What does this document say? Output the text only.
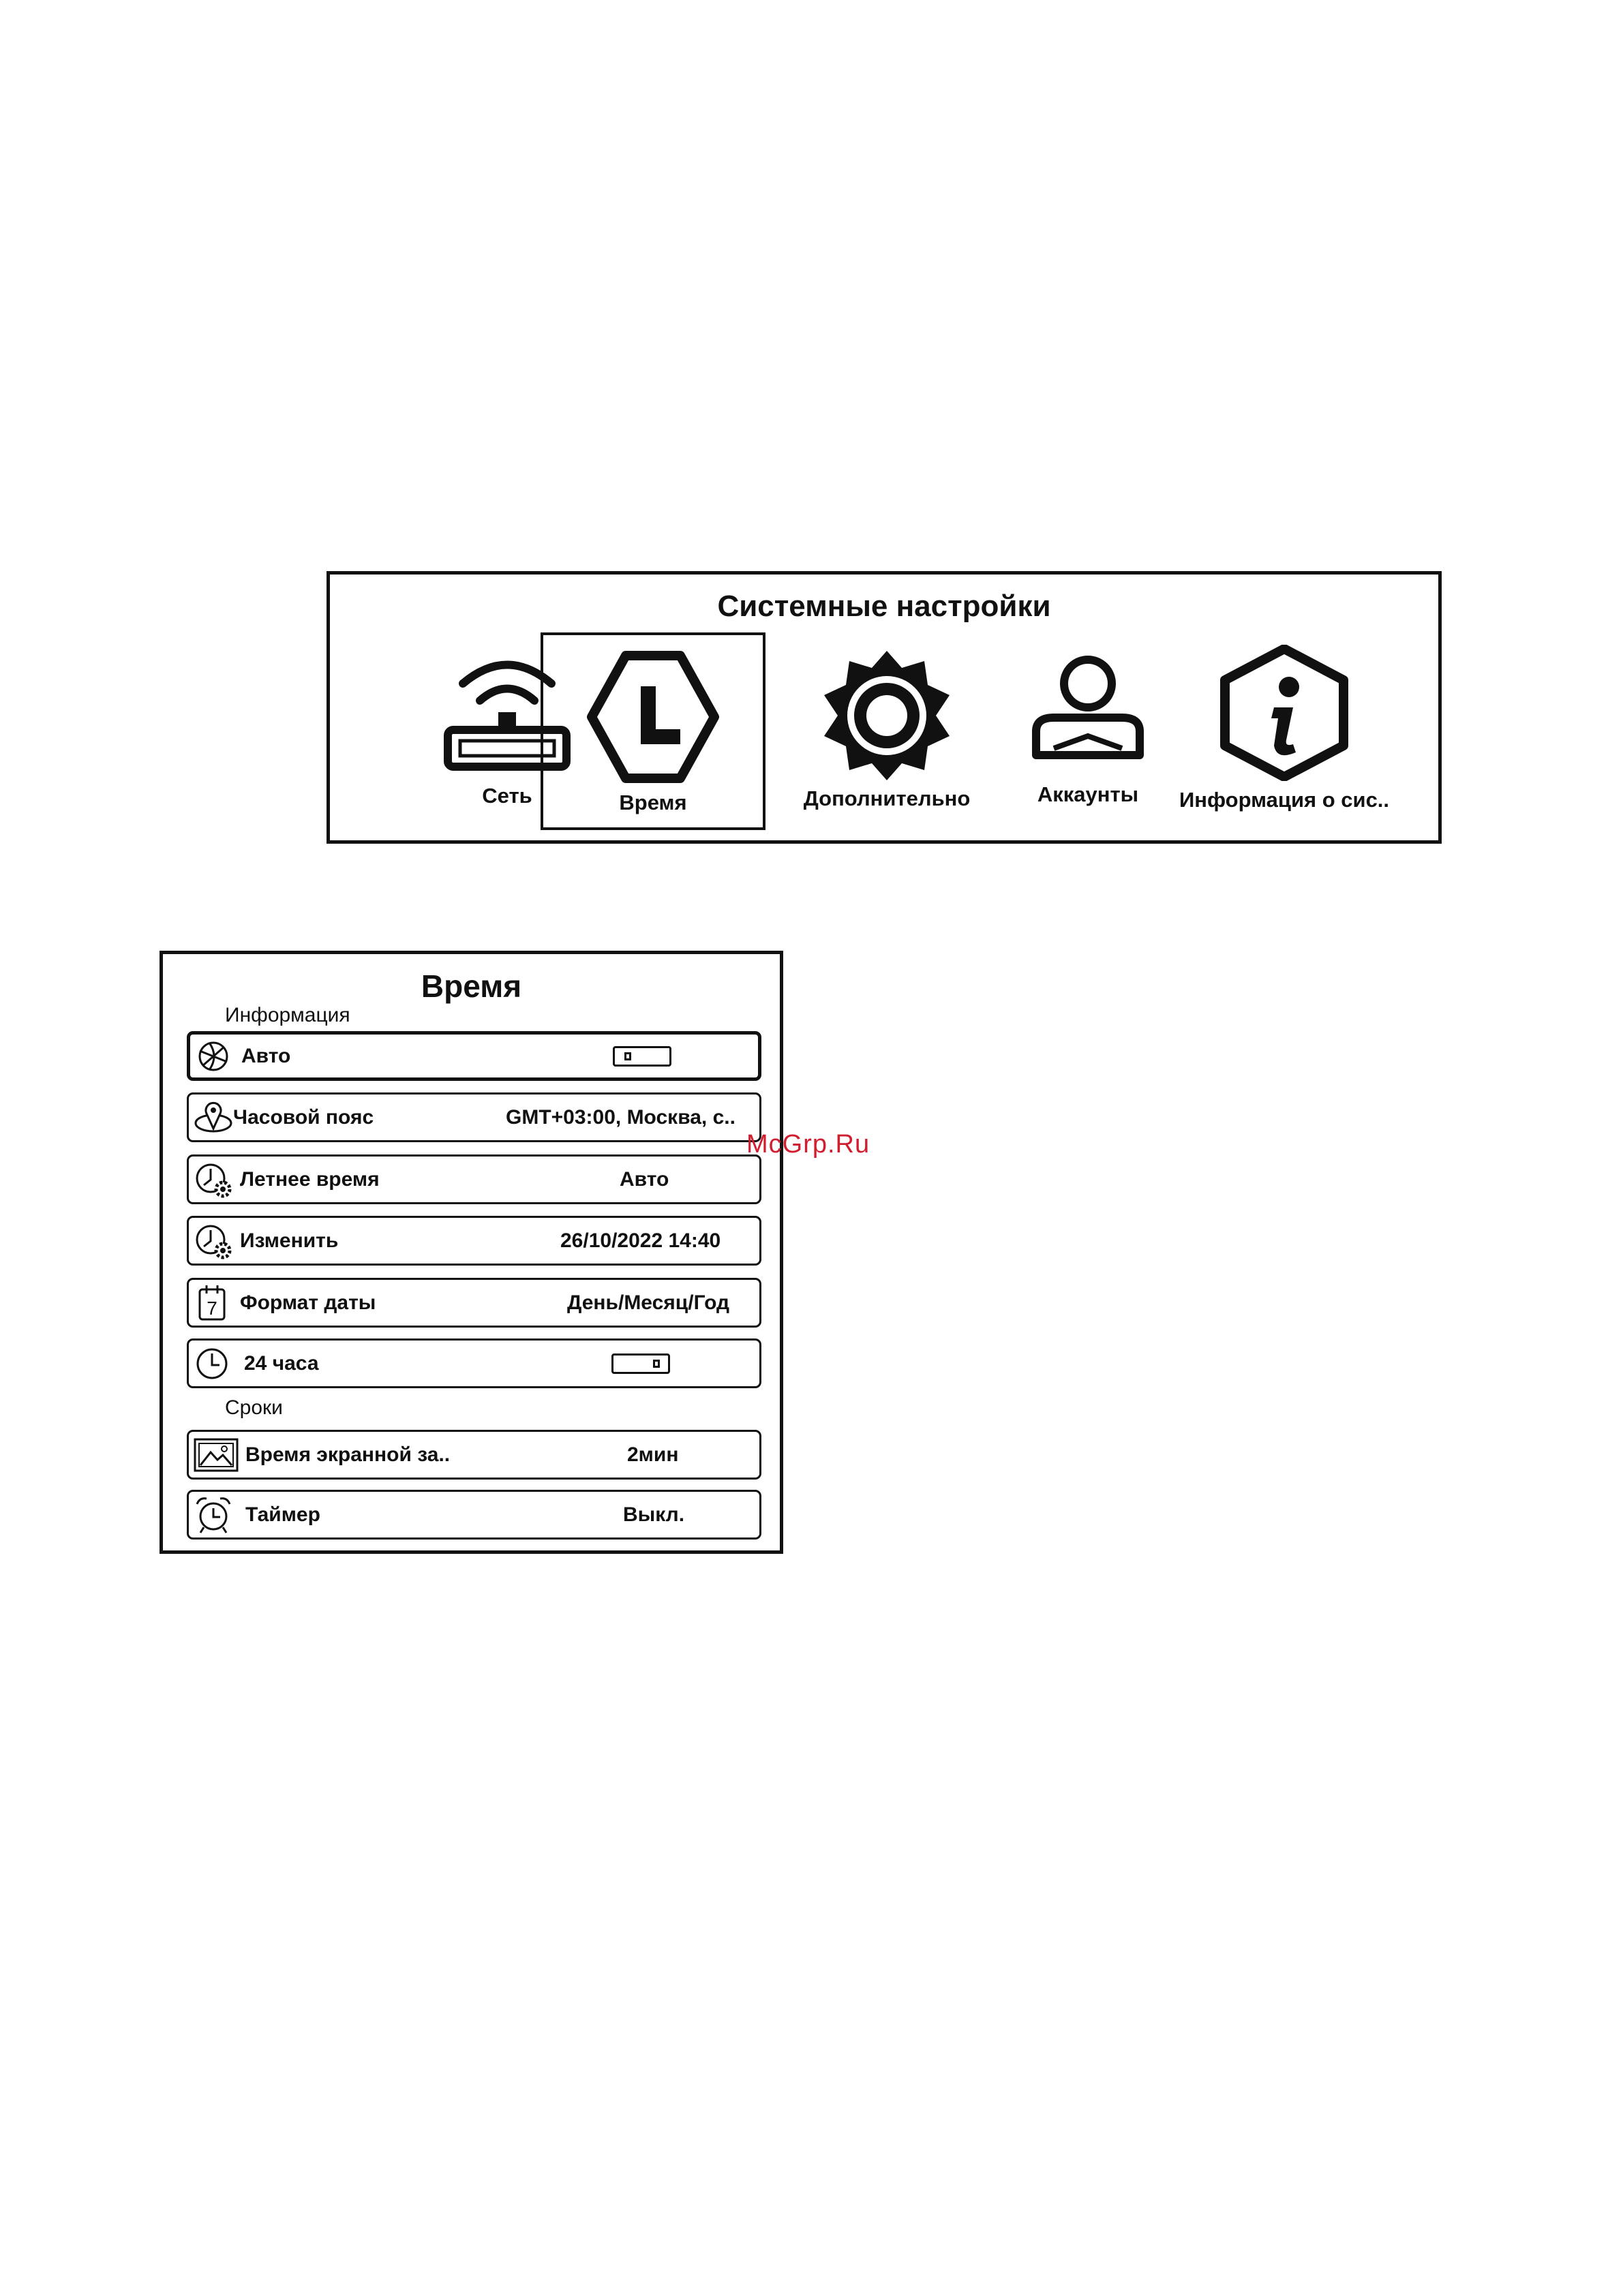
Системные настройки
Сеть	Время	Дополнительно	Аккаунты	Информация о сис..
Время
Информация
Авто
Часовой пояс	GMT+03:00, Москва, с..
Летнее время	Авто
Изменить	26/10/2022 14:40
7 Формат даты	День/Месяц/Год
24 часа
Сроки
Время экранной за..	2мин
Таймер	Выкл.
McGrp.Ru
